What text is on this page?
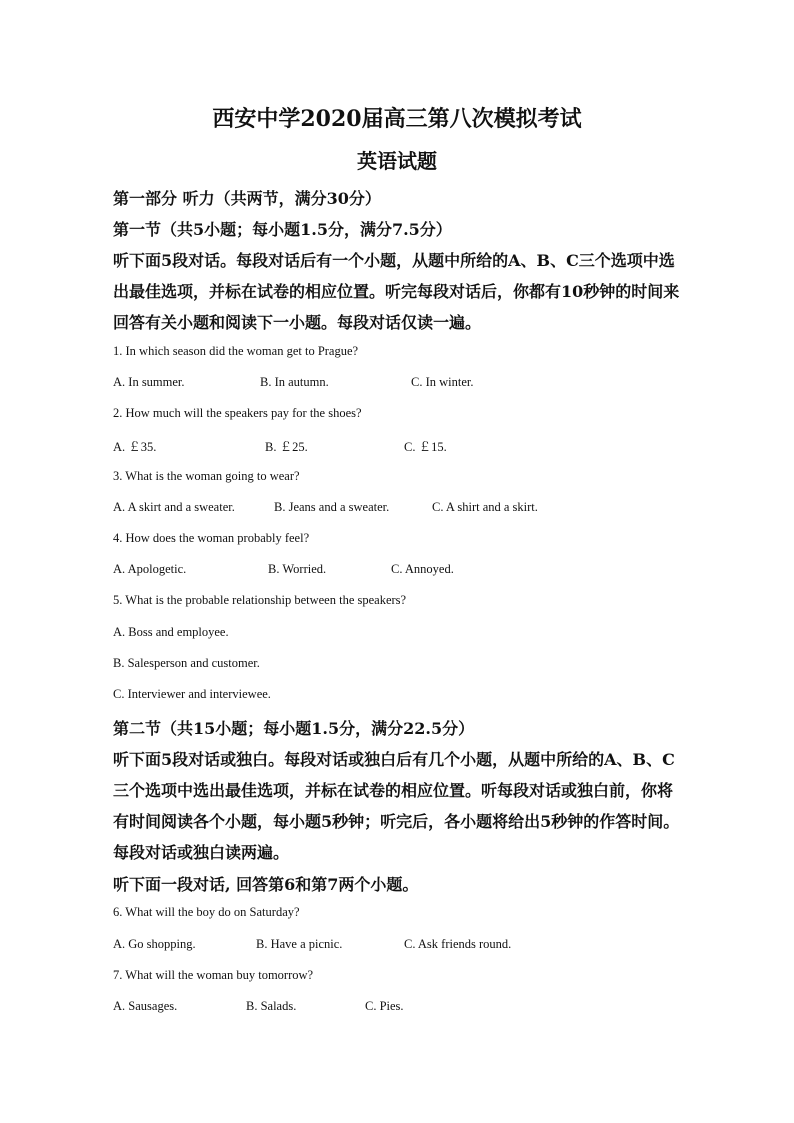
西安中学2020届高三第八次模拟考试
英语试题
第一部分 听力（共两节，满分30分）
第一节（共5小题；每小题1.5分，满分7.5分）
听下面5段对话。每段对话后有一个小题，从题中所给的A、B、C三个选项中选
出最佳选项，并标在试卷的相应位置。听完每段对话后，你都有10秒钟的时间来
回答有关小题和阅读下一小题。每段对话仅读一遍。
1. In which season did the woman get to Prague?
A. In summer.	B. In autumn.	C. In winter.
2. How much will the speakers pay for the shoes?
A. ￡35.	B. ￡25.	C. ￡15.
3. What is the woman going to wear?
A. A skirt and a sweater.	B. Jeans and a sweater.	C. A shirt and a skirt.
4. How does the woman probably feel?
A. Apologetic.	B. Worried.	C. Annoyed.
5. What is the probable relationship between the speakers?
A. Boss and employee.
B. Salesperson and customer.
C. Interviewer and interviewee.
第二节（共15小题；每小题1.5分，满分22.5分）
听下面5段对话或独白。每段对话或独白后有几个小题，从题中所给的A、B、C
三个选项中选出最佳选项，并标在试卷的相应位置。听每段对话或独白前，你将
有时间阅读各个小题，每小题5秒钟；听完后，各小题将给出5秒钟的作答时间。
每段对话或独白读两遍。
听下面一段对话, 回答第6和第7两个小题。
6. What will the boy do on Saturday?
A. Go shopping.	B. Have a picnic.	C. Ask friends round.
7. What will the woman buy tomorrow?
A. Sausages.	B. Salads.	C. Pies.
